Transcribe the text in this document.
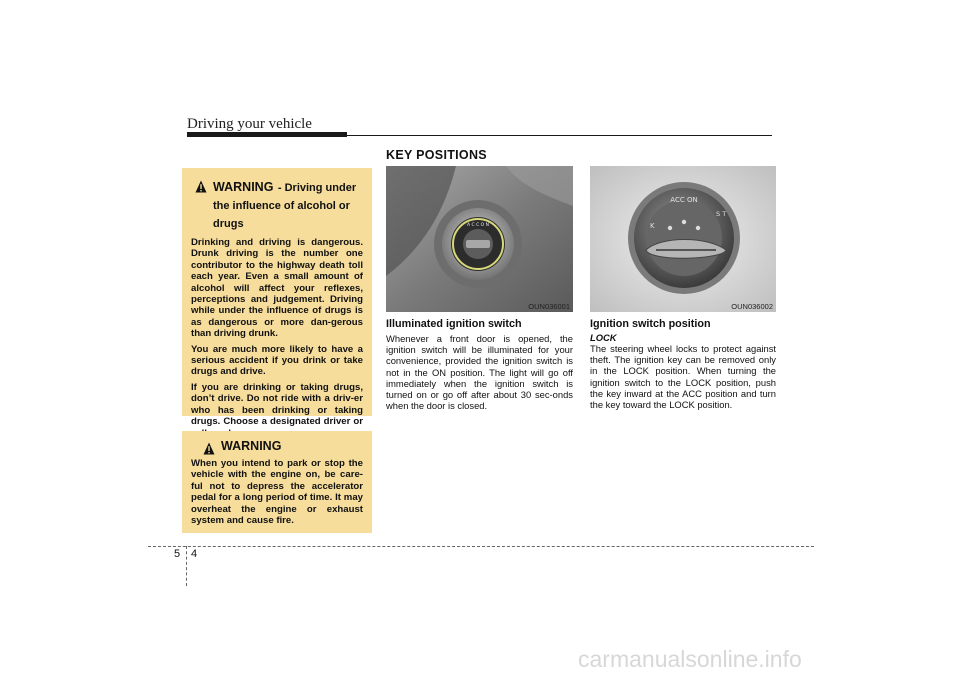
Driving your vehicle
KEY POSITIONS
WARNING - Driving under the influence of alcohol or drugs

Drinking and driving is dangerous. Drunk driving is the number one contributor to the highway death toll each year. Even a small amount of alcohol will affect your reflexes, perceptions and judgement. Driving while under the influence of drugs is as dangerous or more dan-gerous than driving drunk.

You are much more likely to have a serious accident if you drink or take drugs and drive.

If you are drinking or taking drugs, don’t drive. Do not ride with a driv-er who has been drinking or taking drugs. Choose a designated driver or

WARNING

When you intend to park or stop the vehicle with the engine on, be care-ful not to depress the accelerator pedal for a long period of time. It may overheat the engine or exhaust system and cause fire.

A C C O N
OUN036001
ACC ON
K
S T
OUN036002
Illuminated ignition switch

Whenever a front door is opened, the ignition switch will be illuminated for your convenience, provided the ignition switch is not in the ON position. The light will go off immediately when the ignition switch is turned on or go off after about 30 sec-onds when the door is closed.

Ignition switch position
LOCK

The steering wheel locks to protect against theft. The ignition key can be removed only in the LOCK position. When turning the ignition switch to the LOCK position, push the key inward at the ACC position and turn the key toward the LOCK position.

5 4
carmanualsonline.info
